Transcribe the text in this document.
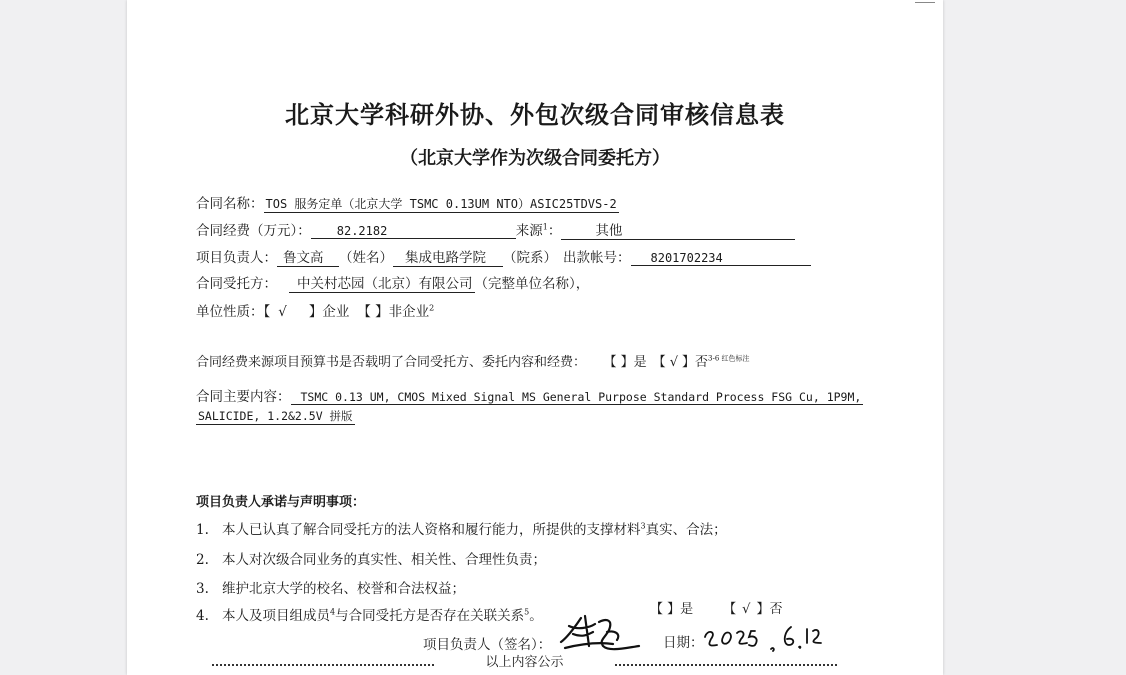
北京大学科研外协、外包次级合同审核信息表
（北京大学作为次级合同委托方）
合同名称： TOS 服务定单（北京大学 TSMC 0.13UM NTO）ASIC25TDVS-2
合同经费（万元）： 82.2182	来源$^1$：	其他
项目负责人： 鲁文高 （姓名） 集成电路学院 （院系） 出款帐号： 8201702234
合同受托方： 中关村芯园（北京）有限公司 （完整单位名称），
单位性质：【 √ 】企业 【 】非企业$^2$
合同经费来源项目预算书是否载明了合同受托方、委托内容和经费： 【 】是 【 √ 】否$^{3-6 红色标注}$
合同主要内容： TSMC 0.13 UM, CMOS Mixed Signal MS General Purpose Standard Process FSG Cu, 1P9M,
SALICIDE, 1.2&2.5V 拼版
项目负责人承诺与声明事项：
1. 本人已认真了解合同受托方的法人资格和履行能力，所提供的支撑材料$^3$真实、合法；
2. 本人对次级合同业务的真实性、相关性、合理性负责；
3. 维护北京大学的校名、校誉和合法权益；
4. 本人及项目组成员$^4$与合同受托方是否存在关联关系$^5$。	【 】是 【 √ 】否
项目负责人（签名）：	日期：
以上内容公示
